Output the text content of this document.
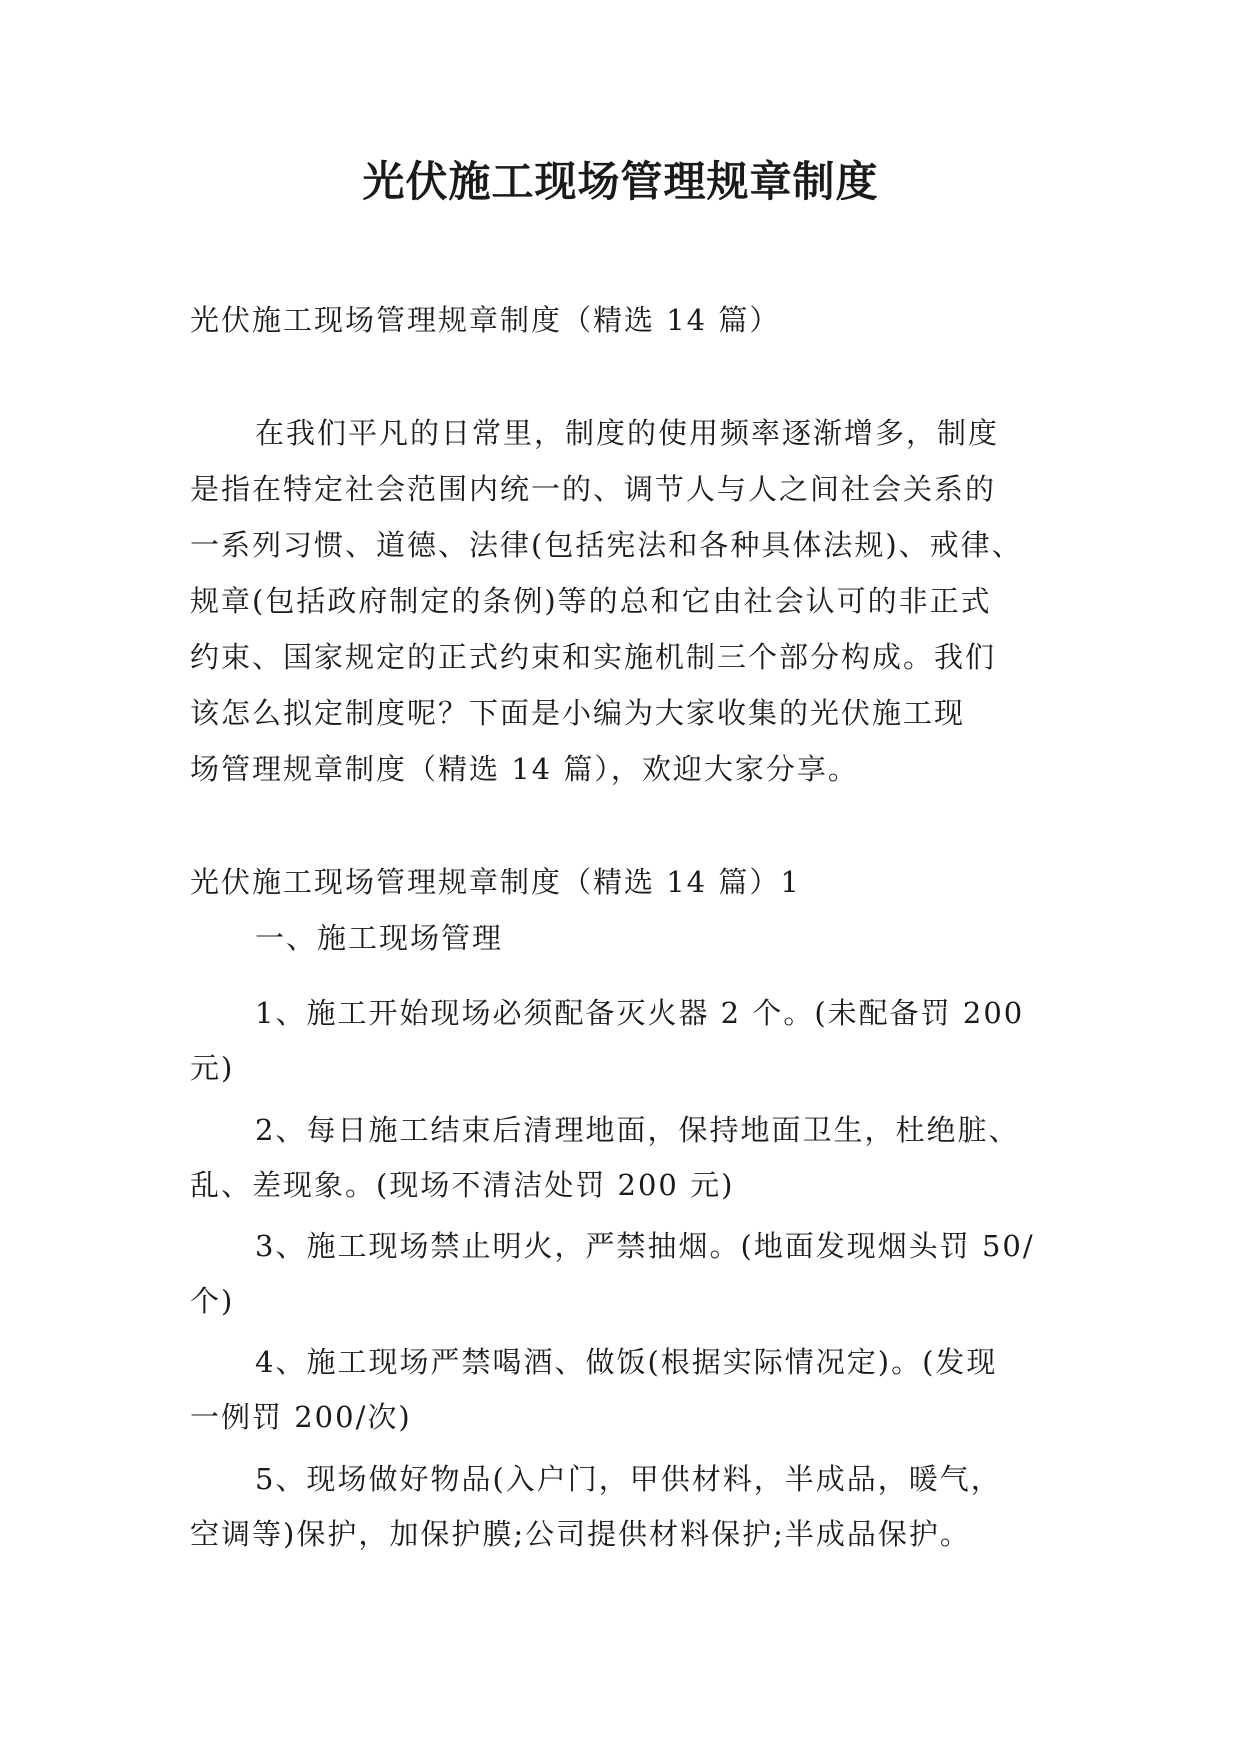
光伏施工现场管理规章制度

光伏施工现场管理规章制度（精选 14 篇）

在我们平凡的日常里，制度的使用频率逐渐增多，制度

是指在特定社会范围内统一的、调节人与人之间社会关系的

一系列习惯、道德、法律(包括宪法和各种具体法规)、戒律、

规章(包括政府制定的条例)等的总和它由社会认可的非正式

约束、国家规定的正式约束和实施机制三个部分构成。我们

该怎么拟定制度呢？下面是小编为大家收集的光伏施工现

场管理规章制度（精选 14 篇），欢迎大家分享。

光伏施工现场管理规章制度（精选 14 篇）1

一、施工现场管理

1、施工开始现场必须配备灭火器 2 个。(未配备罚 200

元)

2、每日施工结束后清理地面，保持地面卫生，杜绝脏、

乱、差现象。(现场不清洁处罚 200 元)

3、施工现场禁止明火，严禁抽烟。(地面发现烟头罚 50/

个)

4、施工现场严禁喝酒、做饭(根据实际情况定)。(发现

一例罚 200/次)

5、现场做好物品(入户门，甲供材料，半成品，暖气，

空调等)保护，加保护膜;公司提供材料保护;半成品保护。
